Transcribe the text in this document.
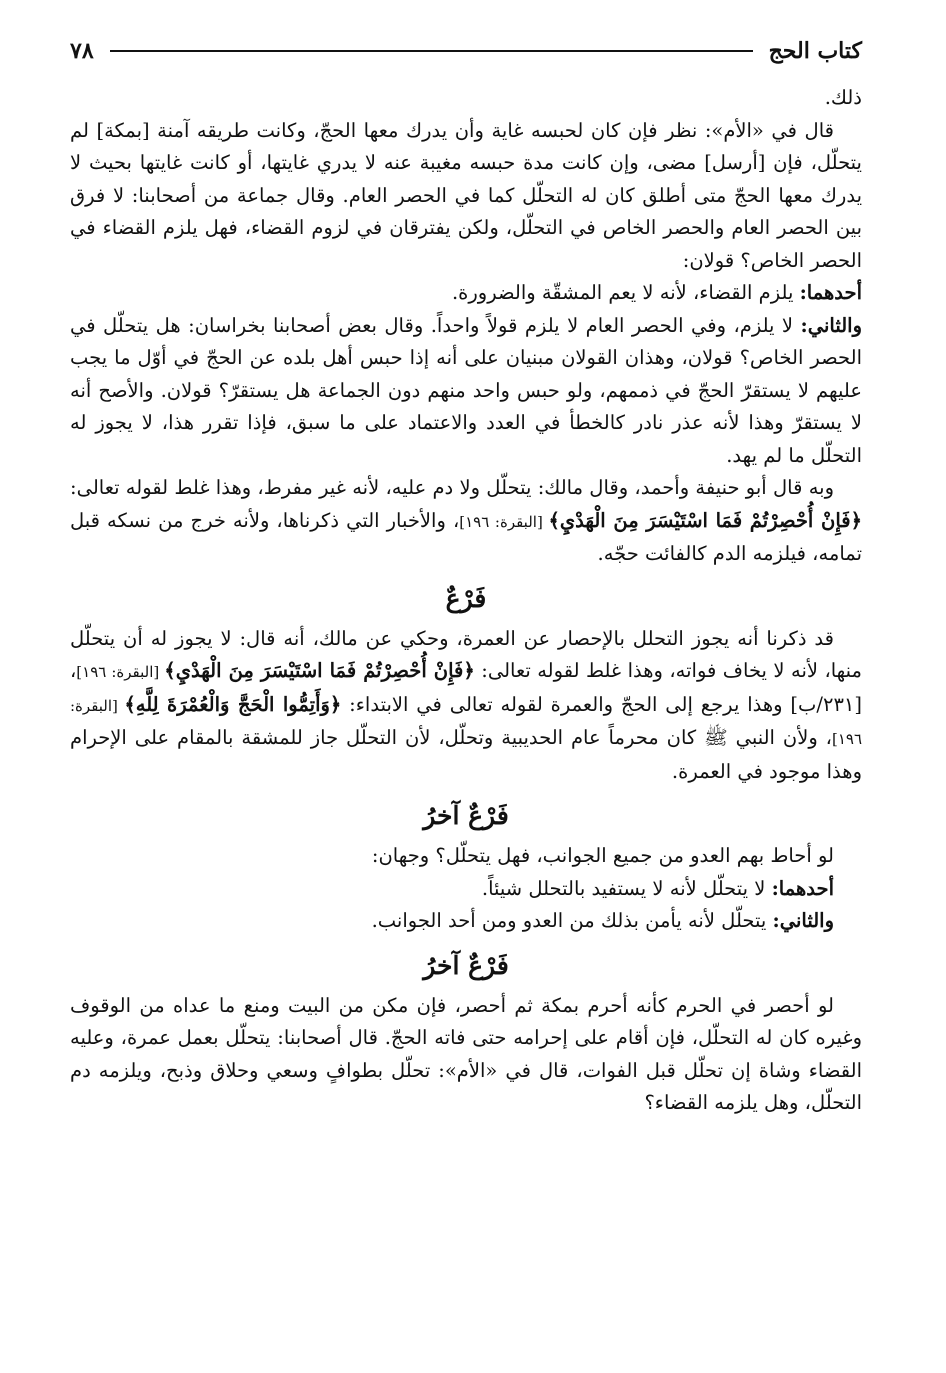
٧٨	كتاب الحج

ذلك.

قال في «الأم»: نظر فإن كان لحبسه غاية وأن يدرك معها الحجّ، وكانت طريقه آمنة [بمكة] لم يتحلّل، فإن [أرسل] مضى، وإن كانت مدة حبسه مغيبة عنه لا يدري غايتها، أو كانت غايتها بحيث لا يدرك معها الحجّ متى أطلق كان له التحلّل كما في الحصر العام. وقال جماعة من أصحابنا: لا فرق بين الحصر العام والحصر الخاص في التحلّل، ولكن يفترقان في لزوم القضاء، فهل يلزم القضاء في الحصر الخاص؟ قولان:

أحدهما: يلزم القضاء، لأنه لا يعم المشقّة والضرورة.

والثاني: لا يلزم، وفي الحصر العام لا يلزم قولاً واحداً. وقال بعض أصحابنا بخراسان: هل يتحلّل في الحصر الخاص؟ قولان، وهذان القولان مبنيان على أنه إذا حبس أهل بلده عن الحجّ في أوّل ما يجب عليهم لا يستقرّ الحجّ في ذممهم، ولو حبس واحد منهم دون الجماعة هل يستقرّ؟ قولان. والأصح أنه لا يستقرّ وهذا لأنه عذر نادر كالخطأ في العدد والاعتماد على ما سبق، فإذا تقرر هذا، لا يجوز له التحلّل ما لم يهد.

وبه قال أبو حنيفة وأحمد، وقال مالك: يتحلّل ولا دم عليه، لأنه غير مفرط، وهذا غلط لقوله تعالى: ﴿فَإِنْ أُحْصِرْتُمْ فَمَا اسْتَيْسَرَ مِنَ الْهَدْيِ﴾ [البقرة: ١٩٦]، والأخبار التي ذكرناها، ولأنه خرج من نسكه قبل تمامه، فيلزمه الدم كالفائت حجّه.

فَرْعٌ

قد ذكرنا أنه يجوز التحلل بالإحصار عن العمرة، وحكي عن مالك، أنه قال: لا يجوز له أن يتحلّل منها، لأنه لا يخاف فواته، وهذا غلط لقوله تعالى: ﴿فَإِنْ أُحْصِرْتُمْ فَمَا اسْتَيْسَرَ مِنَ الْهَدْيِ﴾ [البقرة: ١٩٦]، [٢٣١/ب] وهذا يرجع إلى الحجّ والعمرة لقوله تعالى في الابتداء: ﴿وَأَتِمُّوا الْحَجَّ وَالْعُمْرَةَ لِلَّهِ﴾ [البقرة: ١٩٦]، ولأن النبي ﷺ كان محرماً عام الحديبية وتحلّل، لأن التحلّل جاز للمشقة بالمقام على الإحرام وهذا موجود في العمرة.

فَرْعٌ آخرُ

لو أحاط بهم العدو من جميع الجوانب، فهل يتحلّل؟ وجهان:

أحدهما: لا يتحلّل لأنه لا يستفيد بالتحلل شيئاً.

والثاني: يتحلّل لأنه يأمن بذلك من العدو ومن أحد الجوانب.

فَرْعٌ آخرُ

لو أحصر في الحرم كأنه أحرم بمكة ثم أحصر، فإن مكن من البيت ومنع ما عداه من الوقوف وغيره كان له التحلّل، فإن أقام على إحرامه حتى فاته الحجّ. قال أصحابنا: يتحلّل بعمل عمرة، وعليه القضاء وشاة إن تحلّل قبل الفوات، قال في «الأم»: تحلّل بطوافٍ وسعي وحلاق وذبح، ويلزمه دم التحلّل، وهل يلزمه القضاء؟
